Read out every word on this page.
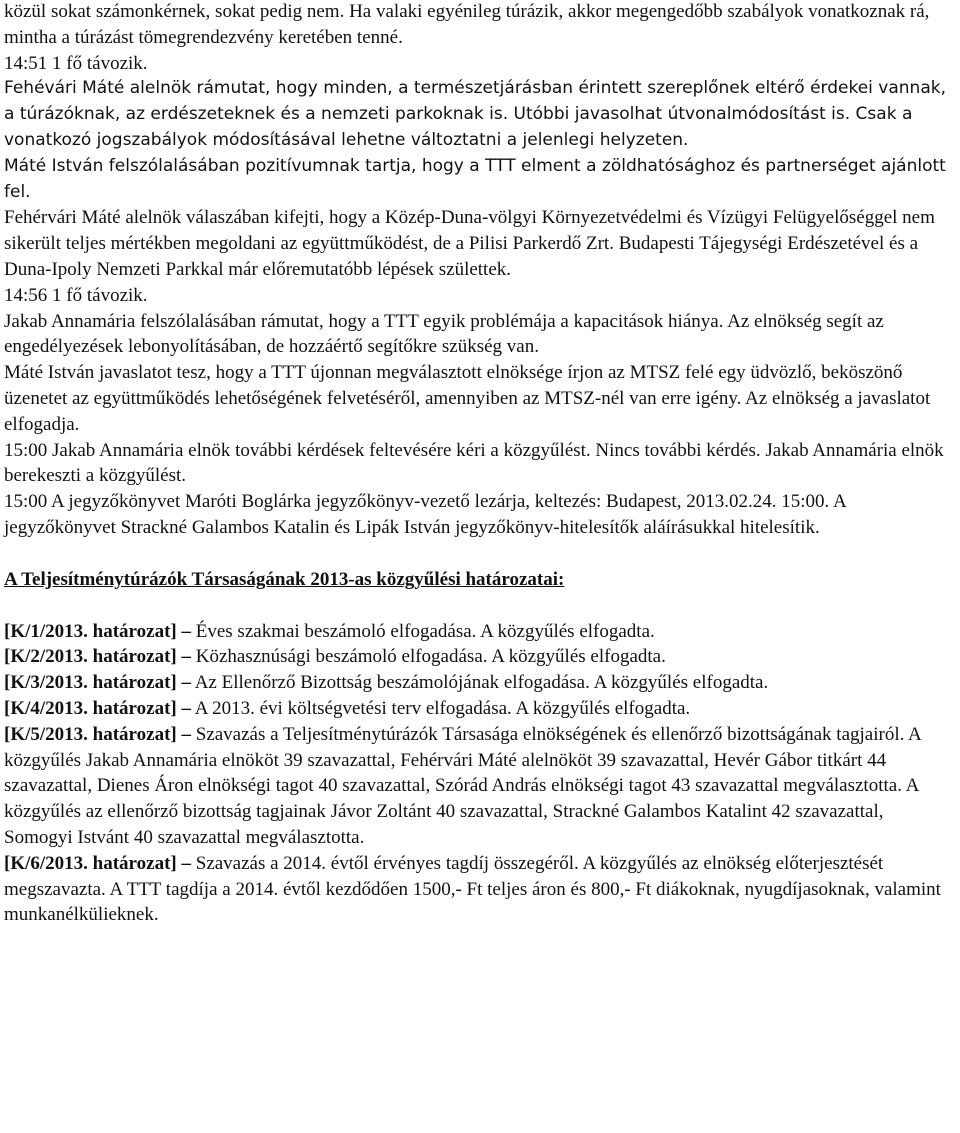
közül sokat számonkérnek, sokat pedig nem. Ha valaki egyénileg túrázik, akkor megengedőbb szabályok vonatkoznak rá, mintha a túrázást tömegrendezvény keretében tenné.

14:51 1 fő távozik.

Fehévári Máté alelnök rámutat, hogy minden, a természetjárásban érintett szereplőnek eltérő érdekei vannak, a túrázóknak, az erdészeteknek és a nemzeti parkoknak is. Utóbbi javasolhat útvonalmódosítást is. Csak a vonatkozó jogszabályok módosításával lehetne változtatni a jelenlegi helyzeten.

Máté István felszólalásában pozitívumnak tartja, hogy a TTT elment a zöldhatósághoz és partnerséget ajánlott fel.

Fehérvári Máté alelnök válaszában kifejti, hogy a Közép-Duna-völgyi Környezetvédelmi és Vízügyi Felügyelőséggel nem sikerült teljes mértékben megoldani az együttműködést, de a Pilisi Parkerdő Zrt. Budapesti Tájegységi Erdészetével és a Duna-Ipoly Nemzeti Parkkal már előremutatóbb lépések születtek.

14:56 1 fő távozik.

Jakab Annamária felszólalásában rámutat, hogy a TTT egyik problémája a kapacitások hiánya. Az elnökség segít az engedélyezések lebonyolításában, de hozzáértő segítőkre szükség van.

Máté István javaslatot tesz, hogy a TTT újonnan megválasztott elnöksége írjon az MTSZ felé egy üdvözlő, beköszönő üzenetet az együttműködés lehetőségének felvetéséről, amennyiben az MTSZ-nél van erre igény. Az elnökség a javaslatot elfogadja.

15:00 Jakab Annamária elnök további kérdések feltevésére kéri a közgyűlést. Nincs további kérdés. Jakab Annamária elnök berekeszti a közgyűlést.

15:00 A jegyzőkönyvet Maróti Boglárka jegyzőkönyv-vezető lezárja, keltezés: Budapest, 2013.02.24. 15:00. A jegyzőkönyvet Strackné Galambos Katalin és Lipák István jegyzőkönyv-hitelesítők aláírásukkal hitelesítik.

A Teljesítménytúrázók Társaságának 2013-as közgyűlési határozatai:

[K/1/2013. határozat] – Éves szakmai beszámoló elfogadása. A közgyűlés elfogadta.

[K/2/2013. határozat] – Közhasznúsági beszámoló elfogadása. A közgyűlés elfogadta.

[K/3/2013. határozat] – Az Ellenőrző Bizottság beszámolójának elfogadása. A közgyűlés elfogadta.

[K/4/2013. határozat] – A 2013. évi költségvetési terv elfogadása. A közgyűlés elfogadta.

[K/5/2013. határozat] – Szavazás a Teljesítménytúrázók Társasága elnökségének és ellenőrző bizottságának tagjairól. A közgyűlés Jakab Annamária elnököt 39 szavazattal, Fehérvári Máté alelnököt 39 szavazattal, Hevér Gábor titkárt 44 szavazattal, Dienes Áron elnökségi tagot 40 szavazattal, Szórád András elnökségi tagot 43 szavazattal megválasztotta. A közgyűlés az ellenőrző bizottság tagjainak Jávor Zoltánt 40 szavazattal, Strackné Galambos Katalint 42 szavazattal, Somogyi Istvánt 40 szavazattal megválasztotta.

[K/6/2013. határozat] – Szavazás a 2014. évtől érvényes tagdíj összegéről. A közgyűlés az elnökség előterjesztését megszavazta. A TTT tagdíja a 2014. évtől kezdődően 1500,- Ft teljes áron és 800,- Ft diákoknak, nyugdíjasoknak, valamint munkanélkülieknek.
